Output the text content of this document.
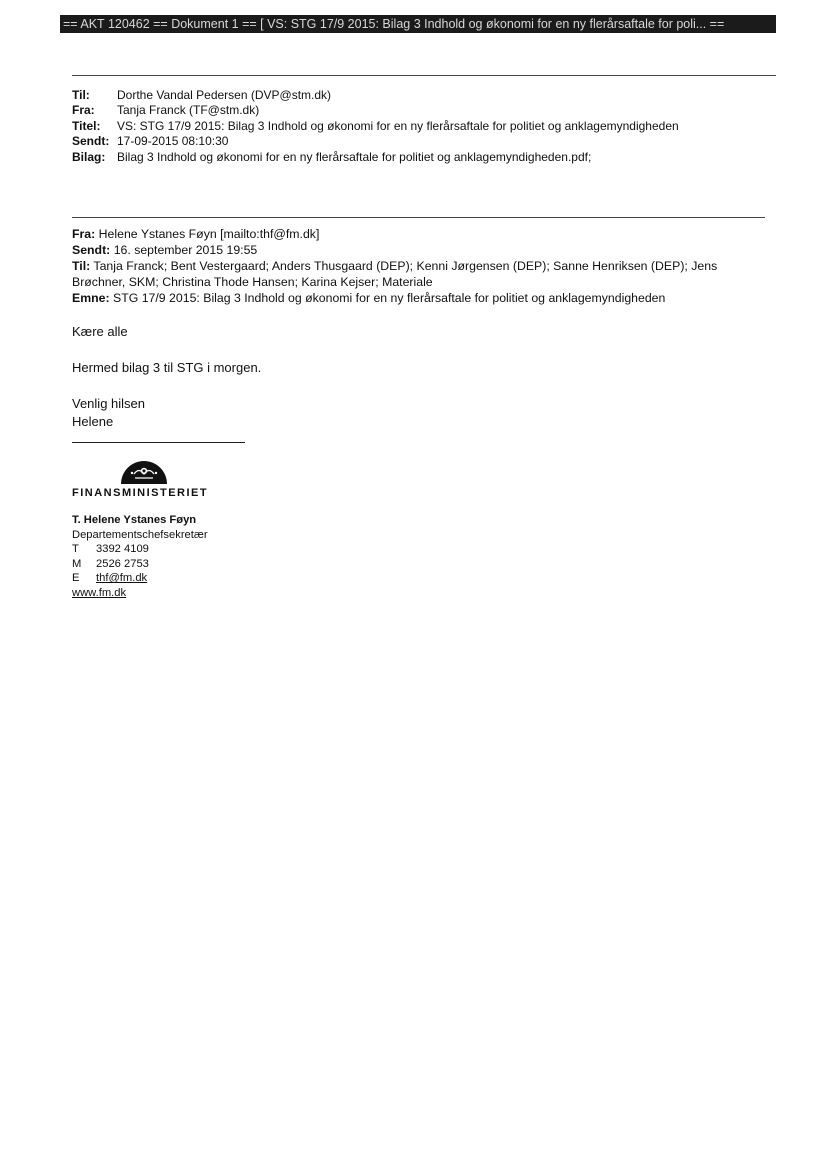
== AKT 120462 == Dokument 1 == [ VS: STG 17/9 2015: Bilag 3 Indhold og økonomi for en ny flerårsaftale for poli... ==
Til:	Dorthe Vandal Pedersen (DVP@stm.dk)
Fra:	Tanja Franck (TF@stm.dk)
Titel:	VS: STG 17/9 2015: Bilag 3 Indhold og økonomi for en ny flerårsaftale for politiet og anklagemyndigheden
Sendt: 17-09-2015 08:10:30
Bilag: Bilag 3 Indhold og økonomi for en ny flerårsaftale for politiet og anklagemyndigheden.pdf;
Fra: Helene Ystanes Føyn [mailto:thf@fm.dk]
Sendt: 16. september 2015 19:55
Til: Tanja Franck; Bent Vestergaard; Anders Thusgaard (DEP); Kenni Jørgensen (DEP); Sanne Henriksen (DEP); Jens Brøchner, SKM; Christina Thode Hansen; Karina Kejser; Materiale
Emne: STG 17/9 2015: Bilag 3 Indhold og økonomi for en ny flerårsaftale for politiet og anklagemyndigheden
Kære alle
Hermed bilag 3 til STG i morgen.
Venlig hilsen
Helene
FINANSMINISTERIET
T. Helene Ystanes Føyn
Departementschefsekretær
T 3392 4109
M 2526 2753
E thf@fm.dk
www.fm.dk
